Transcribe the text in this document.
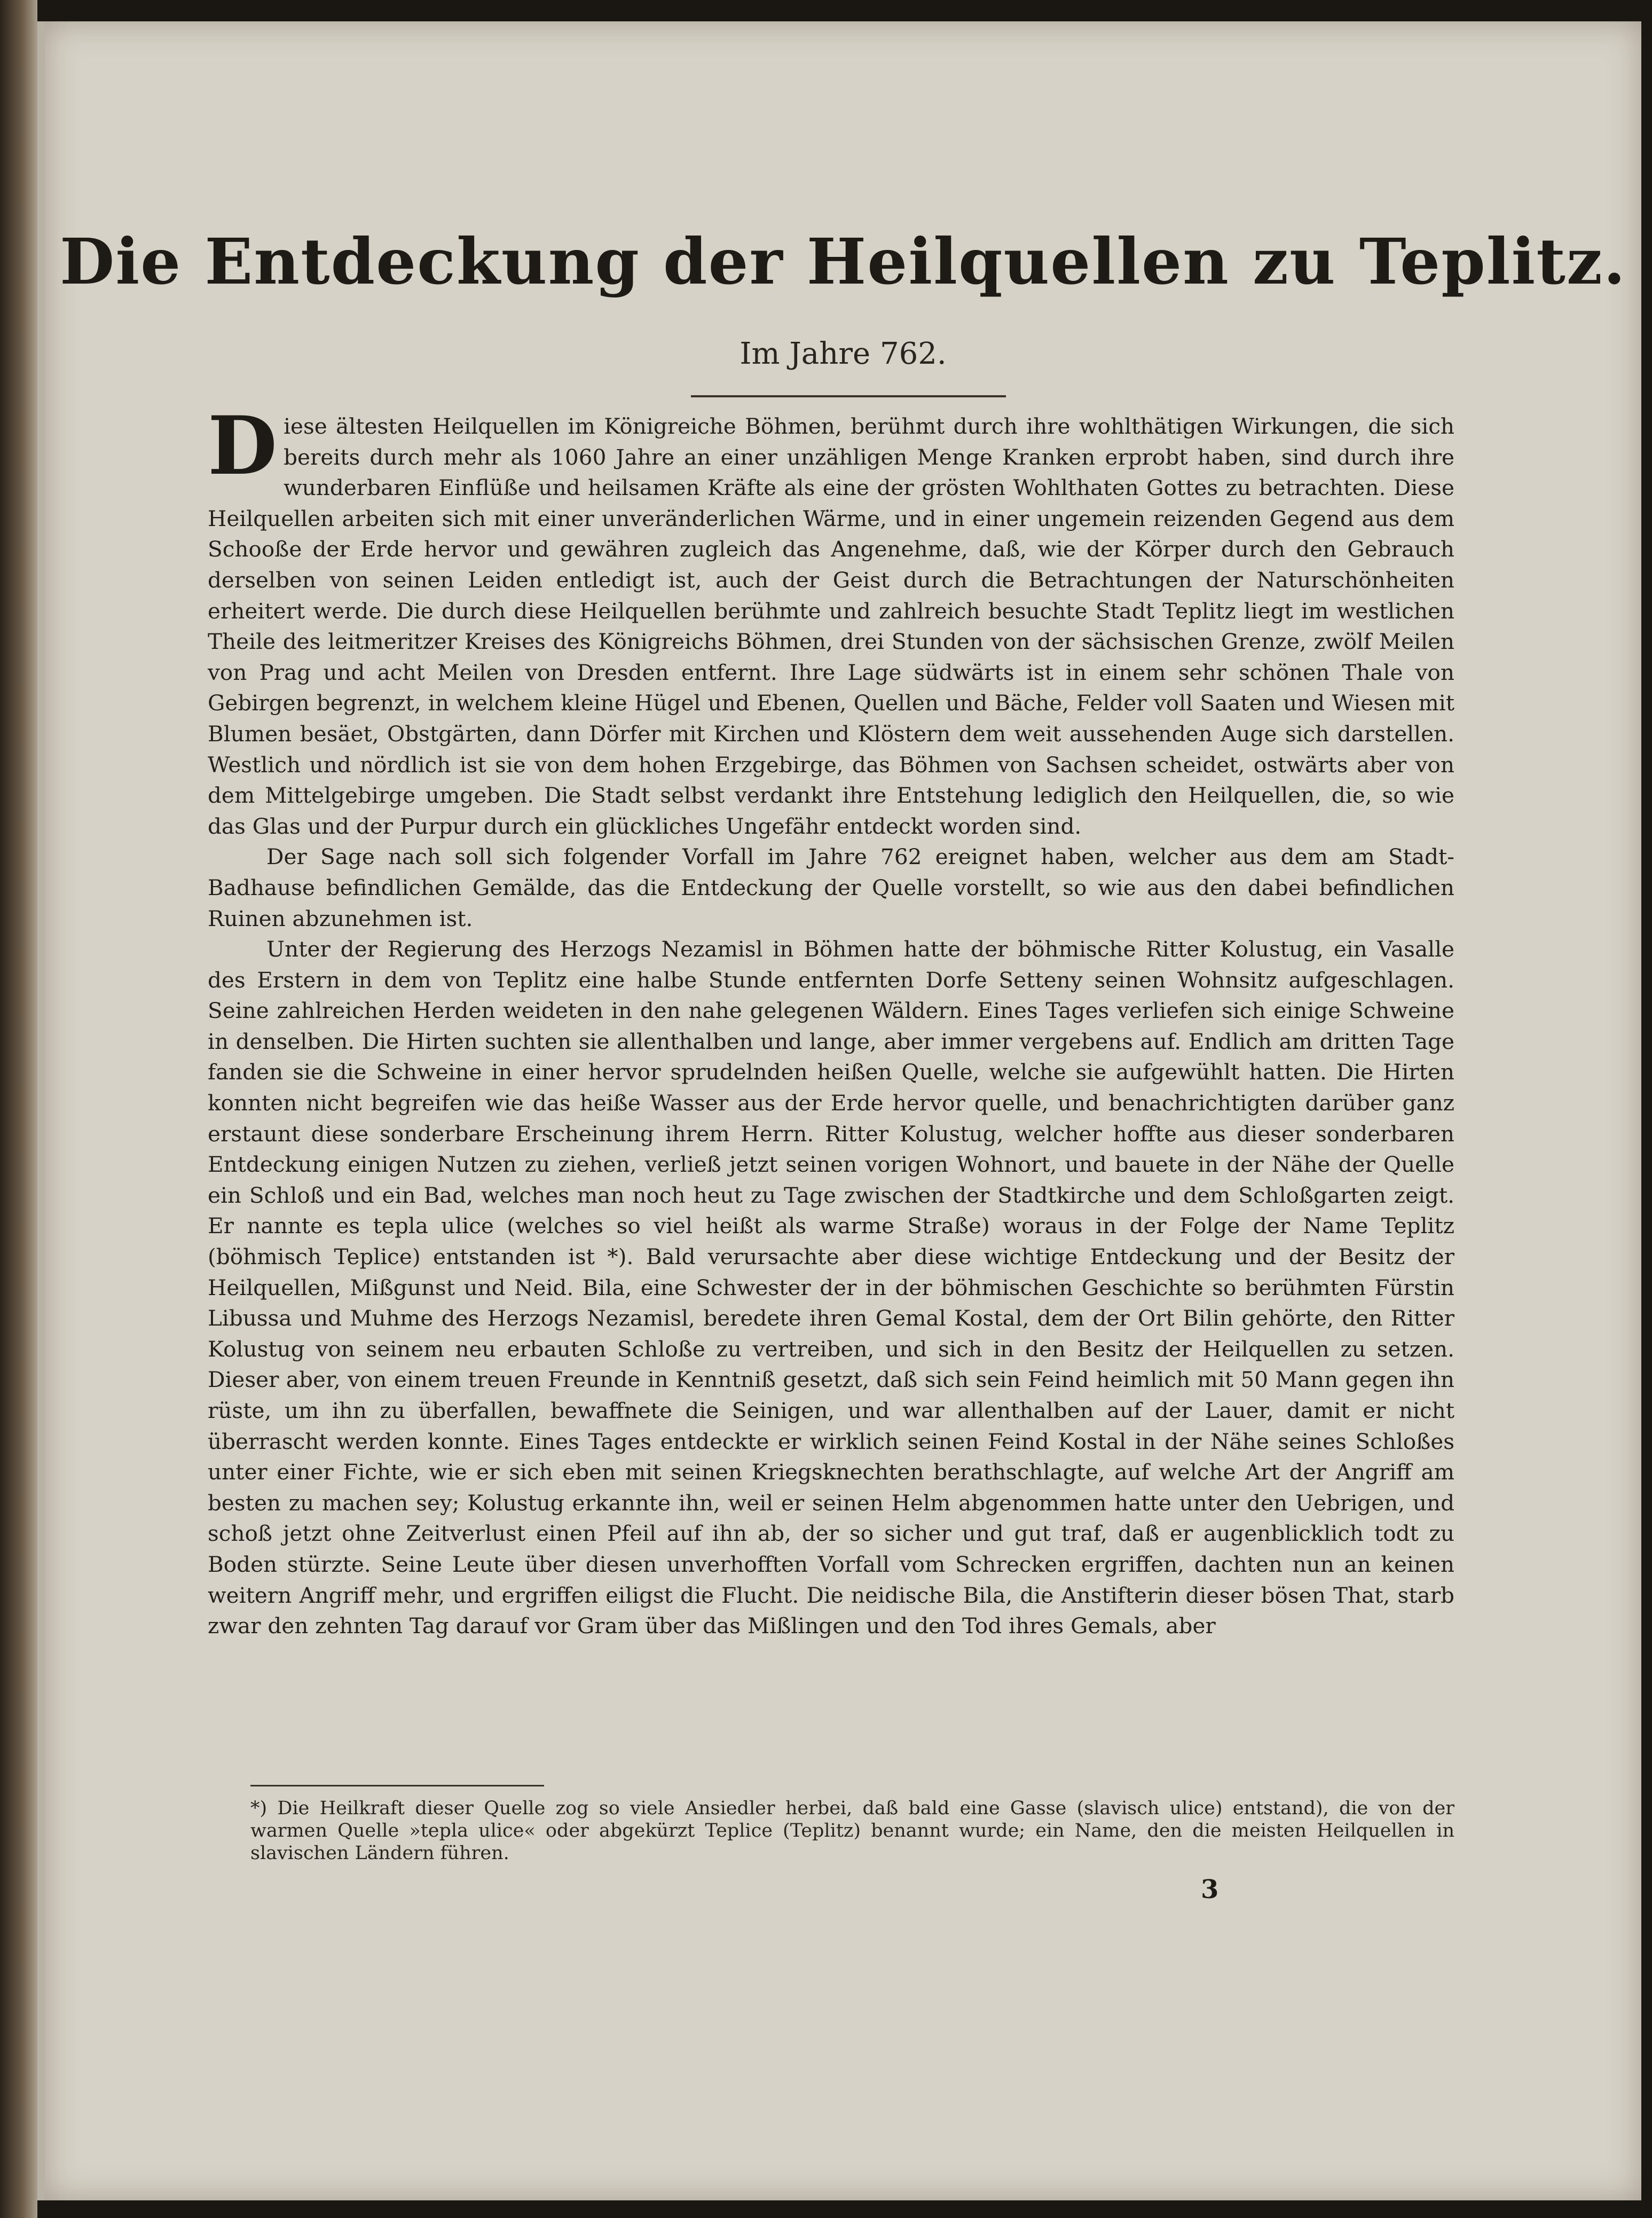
Die Entdeckung der Heilquellen zu Teplitz.
Im Jahre 762.

Diese ältesten Heilquellen im Königreiche Böhmen, berühmt durch ihre wohlthätigen Wirkungen, die sich bereits durch mehr als 1060 Jahre an einer unzähligen Menge Kranken erprobt haben, sind durch ihre wunderbaren Einflüße und heilsamen Kräfte als eine der grösten Wohlthaten Gottes zu betrachten. Diese Heilquellen arbeiten sich mit einer unveränderlichen Wärme, und in einer ungemein reizenden Gegend aus dem Schooße der Erde hervor und gewähren zugleich das Angenehme, daß, wie der Körper durch den Gebrauch derselben von seinen Leiden entledigt ist, auch der Geist durch die Betrachtungen der Naturschönheiten erheitert werde. Die durch diese Heilquellen berühmte und zahlreich besuchte Stadt Teplitz liegt im westlichen Theile des leitmeritzer Kreises des Königreichs Böhmen, drei Stunden von der sächsischen Grenze, zwölf Meilen von Prag und acht Meilen von Dresden entfernt. Ihre Lage südwärts ist in einem sehr schönen Thale von Gebirgen begrenzt, in welchem kleine Hügel und Ebenen, Quellen und Bäche, Felder voll Saaten und Wiesen mit Blumen besäet, Obstgärten, dann Dörfer mit Kirchen und Klöstern dem weit aussehenden Auge sich darstellen. Westlich und nördlich ist sie von dem hohen Erzgebirge, das Böhmen von Sachsen scheidet, ostwärts aber von dem Mittelgebirge umgeben. Die Stadt selbst verdankt ihre Entstehung lediglich den Heilquellen, die, so wie das Glas und der Purpur durch ein glückliches Ungefähr entdeckt worden sind.

Der Sage nach soll sich folgender Vorfall im Jahre 762 ereignet haben, welcher aus dem am Stadt-Badhause befindlichen Gemälde, das die Entdeckung der Quelle vorstellt, so wie aus den dabei befindlichen Ruinen abzunehmen ist.

Unter der Regierung des Herzogs Nezamisl in Böhmen hatte der böhmische Ritter Kolustug, ein Vasalle des Erstern in dem von Teplitz eine halbe Stunde entfernten Dorfe Setteny seinen Wohnsitz aufgeschlagen. Seine zahlreichen Herden weideten in den nahe gelegenen Wäldern. Eines Tages verliefen sich einige Schweine in denselben. Die Hirten suchten sie allenthalben und lange, aber immer vergebens auf. Endlich am dritten Tage fanden sie die Schweine in einer hervor sprudelnden heißen Quelle, welche sie aufgewühlt hatten. Die Hirten konnten nicht begreifen wie das heiße Wasser aus der Erde hervor quelle, und benachrichtigten darüber ganz erstaunt diese sonderbare Erscheinung ihrem Herrn. Ritter Kolustug, welcher hoffte aus dieser sonderbaren Entdeckung einigen Nutzen zu ziehen, verließ jetzt seinen vorigen Wohnort, und bauete in der Nähe der Quelle ein Schloß und ein Bad, welches man noch heut zu Tage zwischen der Stadtkirche und dem Schloßgarten zeigt. Er nannte es tepla ulice (welches so viel heißt als warme Straße) woraus in der Folge der Name Teplitz (böhmisch Teplice) entstanden ist *). Bald verursachte aber diese wichtige Entdeckung und der Besitz der Heilquellen, Mißgunst und Neid. Bila, eine Schwester der in der böhmischen Geschichte so berühmten Fürstin Libussa und Muhme des Herzogs Nezamisl, beredete ihren Gemal Kostal, dem der Ort Bilin gehörte, den Ritter Kolustug von seinem neu erbauten Schloße zu vertreiben, und sich in den Besitz der Heilquellen zu setzen. Dieser aber, von einem treuen Freunde in Kenntniß gesetzt, daß sich sein Feind heimlich mit 50 Mann gegen ihn rüste, um ihn zu überfallen, bewaffnete die Seinigen, und war allenthalben auf der Lauer, damit er nicht überrascht werden konnte. Eines Tages entdeckte er wirklich seinen Feind Kostal in der Nähe seines Schloßes unter einer Fichte, wie er sich eben mit seinen Kriegsknechten berathschlagte, auf welche Art der Angriff am besten zu machen sey; Kolustug erkannte ihn, weil er seinen Helm abgenommen hatte unter den Uebrigen, und schoß jetzt ohne Zeitverlust einen Pfeil auf ihn ab, der so sicher und gut traf, daß er augenblicklich todt zu Boden stürzte. Seine Leute über diesen unverhofften Vorfall vom Schrecken ergriffen, dachten nun an keinen weitern Angriff mehr, und ergriffen eiligst die Flucht. Die neidische Bila, die Anstifterin dieser bösen That, starb zwar den zehnten Tag darauf vor Gram über das Mißlingen und den Tod ihres Gemals, aber

*) Die Heilkraft dieser Quelle zog so viele Ansiedler herbei, daß bald eine Gasse (slavisch ulice) entstand), die von der warmen Quelle »tepla ulice« oder abgekürzt Teplice (Teplitz) benannt wurde; ein Name, den die meisten Heilquellen in slavischen Ländern führen.
3
